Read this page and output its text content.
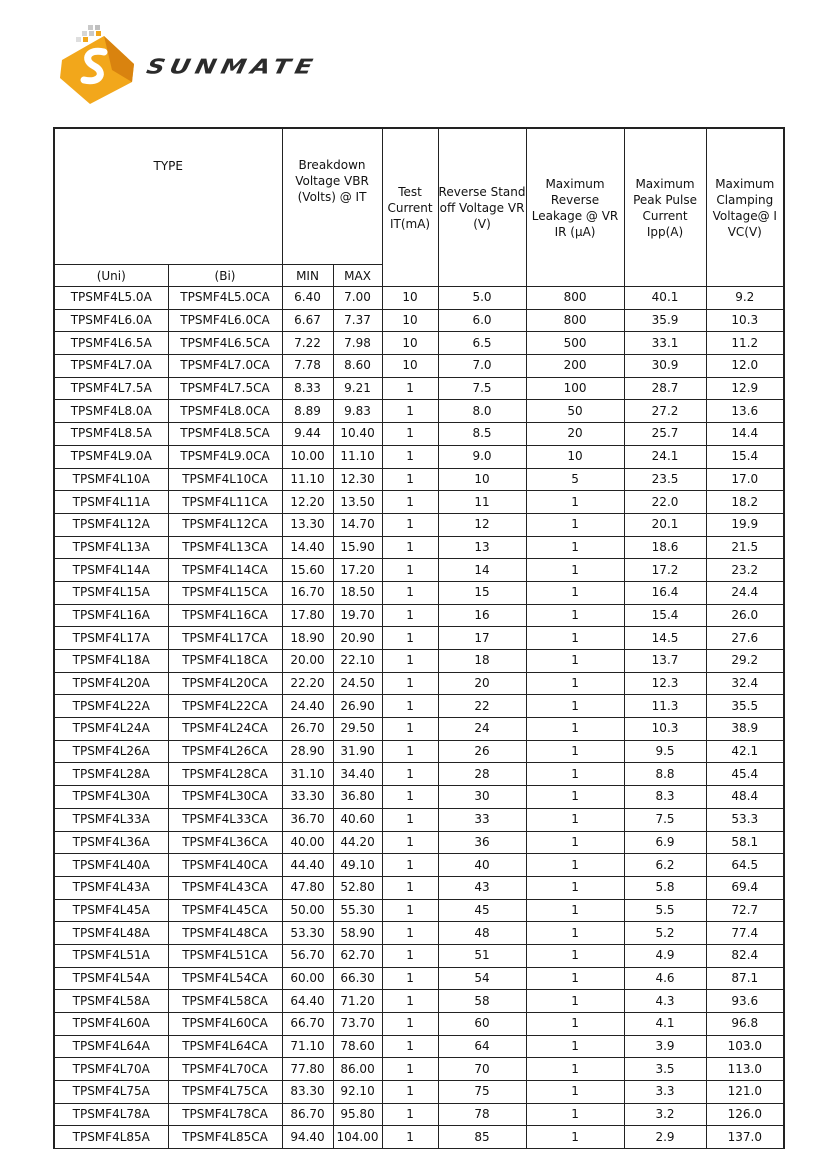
SUNMATE
TYPE		Breakdown Voltage VBR (Volts) @ IT		Test Current IT(mA)	Reverse Stand off Voltage VR (V)	Maximum Reverse Leakage @ VR IR (μA)	Maximum Peak Pulse Current Ipp(A)	Maximum Clamping Voltage@ I VC(V)
(Uni)	(Bi)	MIN	MAX					
TPSMF4L5.0A	TPSMF4L5.0CA	6.40	7.00	10	5.0	800	40.1	9.2
TPSMF4L6.0A	TPSMF4L6.0CA	6.67	7.37	10	6.0	800	35.9	10.3
TPSMF4L6.5A	TPSMF4L6.5CA	7.22	7.98	10	6.5	500	33.1	11.2
TPSMF4L7.0A	TPSMF4L7.0CA	7.78	8.60	10	7.0	200	30.9	12.0
TPSMF4L7.5A	TPSMF4L7.5CA	8.33	9.21	1	7.5	100	28.7	12.9
TPSMF4L8.0A	TPSMF4L8.0CA	8.89	9.83	1	8.0	50	27.2	13.6
TPSMF4L8.5A	TPSMF4L8.5CA	9.44	10.40	1	8.5	20	25.7	14.4
TPSMF4L9.0A	TPSMF4L9.0CA	10.00	11.10	1	9.0	10	24.1	15.4
TPSMF4L10A	TPSMF4L10CA	11.10	12.30	1	10	5	23.5	17.0
TPSMF4L11A	TPSMF4L11CA	12.20	13.50	1	11	1	22.0	18.2
TPSMF4L12A	TPSMF4L12CA	13.30	14.70	1	12	1	20.1	19.9
TPSMF4L13A	TPSMF4L13CA	14.40	15.90	1	13	1	18.6	21.5
TPSMF4L14A	TPSMF4L14CA	15.60	17.20	1	14	1	17.2	23.2
TPSMF4L15A	TPSMF4L15CA	16.70	18.50	1	15	1	16.4	24.4
TPSMF4L16A	TPSMF4L16CA	17.80	19.70	1	16	1	15.4	26.0
TPSMF4L17A	TPSMF4L17CA	18.90	20.90	1	17	1	14.5	27.6
TPSMF4L18A	TPSMF4L18CA	20.00	22.10	1	18	1	13.7	29.2
TPSMF4L20A	TPSMF4L20CA	22.20	24.50	1	20	1	12.3	32.4
TPSMF4L22A	TPSMF4L22CA	24.40	26.90	1	22	1	11.3	35.5
TPSMF4L24A	TPSMF4L24CA	26.70	29.50	1	24	1	10.3	38.9
TPSMF4L26A	TPSMF4L26CA	28.90	31.90	1	26	1	9.5	42.1
TPSMF4L28A	TPSMF4L28CA	31.10	34.40	1	28	1	8.8	45.4
TPSMF4L30A	TPSMF4L30CA	33.30	36.80	1	30	1	8.3	48.4
TPSMF4L33A	TPSMF4L33CA	36.70	40.60	1	33	1	7.5	53.3
TPSMF4L36A	TPSMF4L36CA	40.00	44.20	1	36	1	6.9	58.1
TPSMF4L40A	TPSMF4L40CA	44.40	49.10	1	40	1	6.2	64.5
TPSMF4L43A	TPSMF4L43CA	47.80	52.80	1	43	1	5.8	69.4
TPSMF4L45A	TPSMF4L45CA	50.00	55.30	1	45	1	5.5	72.7
TPSMF4L48A	TPSMF4L48CA	53.30	58.90	1	48	1	5.2	77.4
TPSMF4L51A	TPSMF4L51CA	56.70	62.70	1	51	1	4.9	82.4
TPSMF4L54A	TPSMF4L54CA	60.00	66.30	1	54	1	4.6	87.1
TPSMF4L58A	TPSMF4L58CA	64.40	71.20	1	58	1	4.3	93.6
TPSMF4L60A	TPSMF4L60CA	66.70	73.70	1	60	1	4.1	96.8
TPSMF4L64A	TPSMF4L64CA	71.10	78.60	1	64	1	3.9	103.0
TPSMF4L70A	TPSMF4L70CA	77.80	86.00	1	70	1	3.5	113.0
TPSMF4L75A	TPSMF4L75CA	83.30	92.10	1	75	1	3.3	121.0
TPSMF4L78A	TPSMF4L78CA	86.70	95.80	1	78	1	3.2	126.0
TPSMF4L85A	TPSMF4L85CA	94.40	104.00	1	85	1	2.9	137.0
